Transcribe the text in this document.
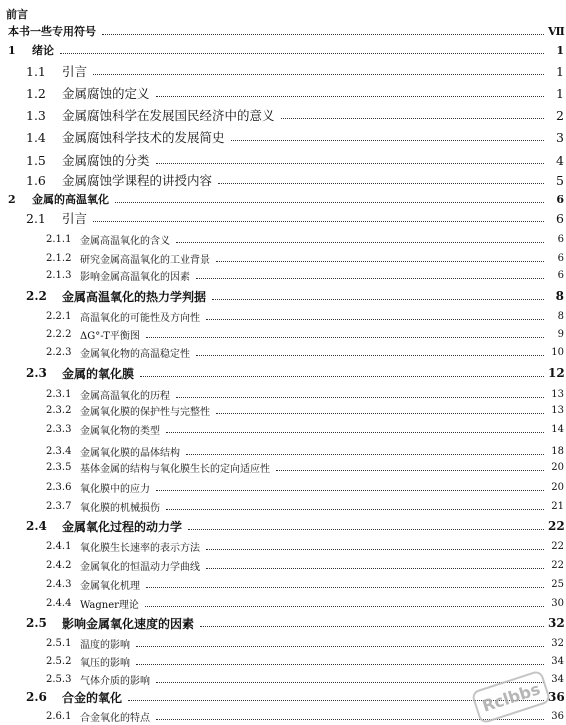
前言
本书一些专用符号	Ⅶ
1	绪论	1
1.1	引言	1
1.2	金属腐蚀的定义	1
1.3	金属腐蚀科学在发展国民经济中的意义	2
1.4	金属腐蚀科学技术的发展简史	3
1.5	金属腐蚀的分类	4
1.6	金属腐蚀学课程的讲授内容	5
2	金属的高温氧化	6
2.1	引言	6
2.1.1 金属高温氧化的含义	6
2.1.2 研究金属高温氧化的工业背景	6
2.1.3 影响金属高温氧化的因素	6
2.2	金属高温氧化的热力学判据	8
2.2.1 高温氧化的可能性及方向性	8
2.2.2 ΔG°-T平衡图	9
2.2.3 金属氧化物的高温稳定性	10
2.3	金属的氧化膜	12
2.3.1 金属高温氧化的历程	13
2.3.2 金属氧化膜的保护性与完整性	13
2.3.3 金属氧化物的类型	14
2.3.4 金属氧化膜的晶体结构	18
2.3.5 基体金属的结构与氧化膜生长的定向适应性	20
2.3.6 氧化膜中的应力	20
2.3.7 氧化膜的机械损伤	21
2.4	金属氧化过程的动力学	22
2.4.1 氧化膜生长速率的表示方法	22
2.4.2 金属氧化的恒温动力学曲线	22
2.4.3 金属氧化机理	25
2.4.4 Wagner理论	30
2.5	影响金属氧化速度的因素	32
2.5.1 温度的影响	32
2.5.2 氧压的影响	34
2.5.3 气体介质的影响	34
2.6	合金的氧化	36
2.6.1 合金氧化的特点	36
Rclbbs
